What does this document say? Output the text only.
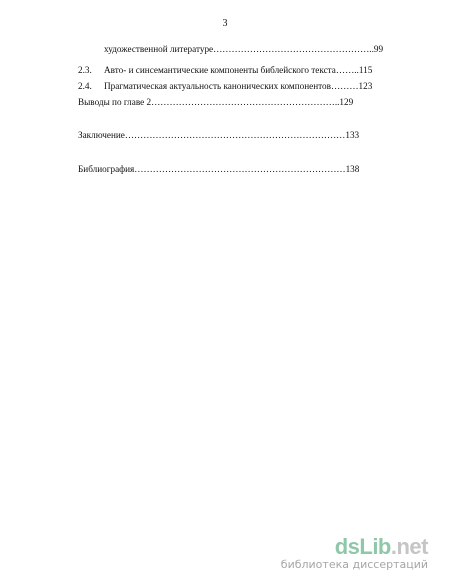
3
художественной литературе……………………………………………..99
2.3. Авто- и синсемантические компоненты библейского текста……..115
2.4. Прагматическая актуальность канонических компонентов………123
Выводы по главе 2……………………………………………………..129
Заключение………………………………………………………………133
Библиография……………………………………………………………138
dsLib.net
библиотека диссертаций
